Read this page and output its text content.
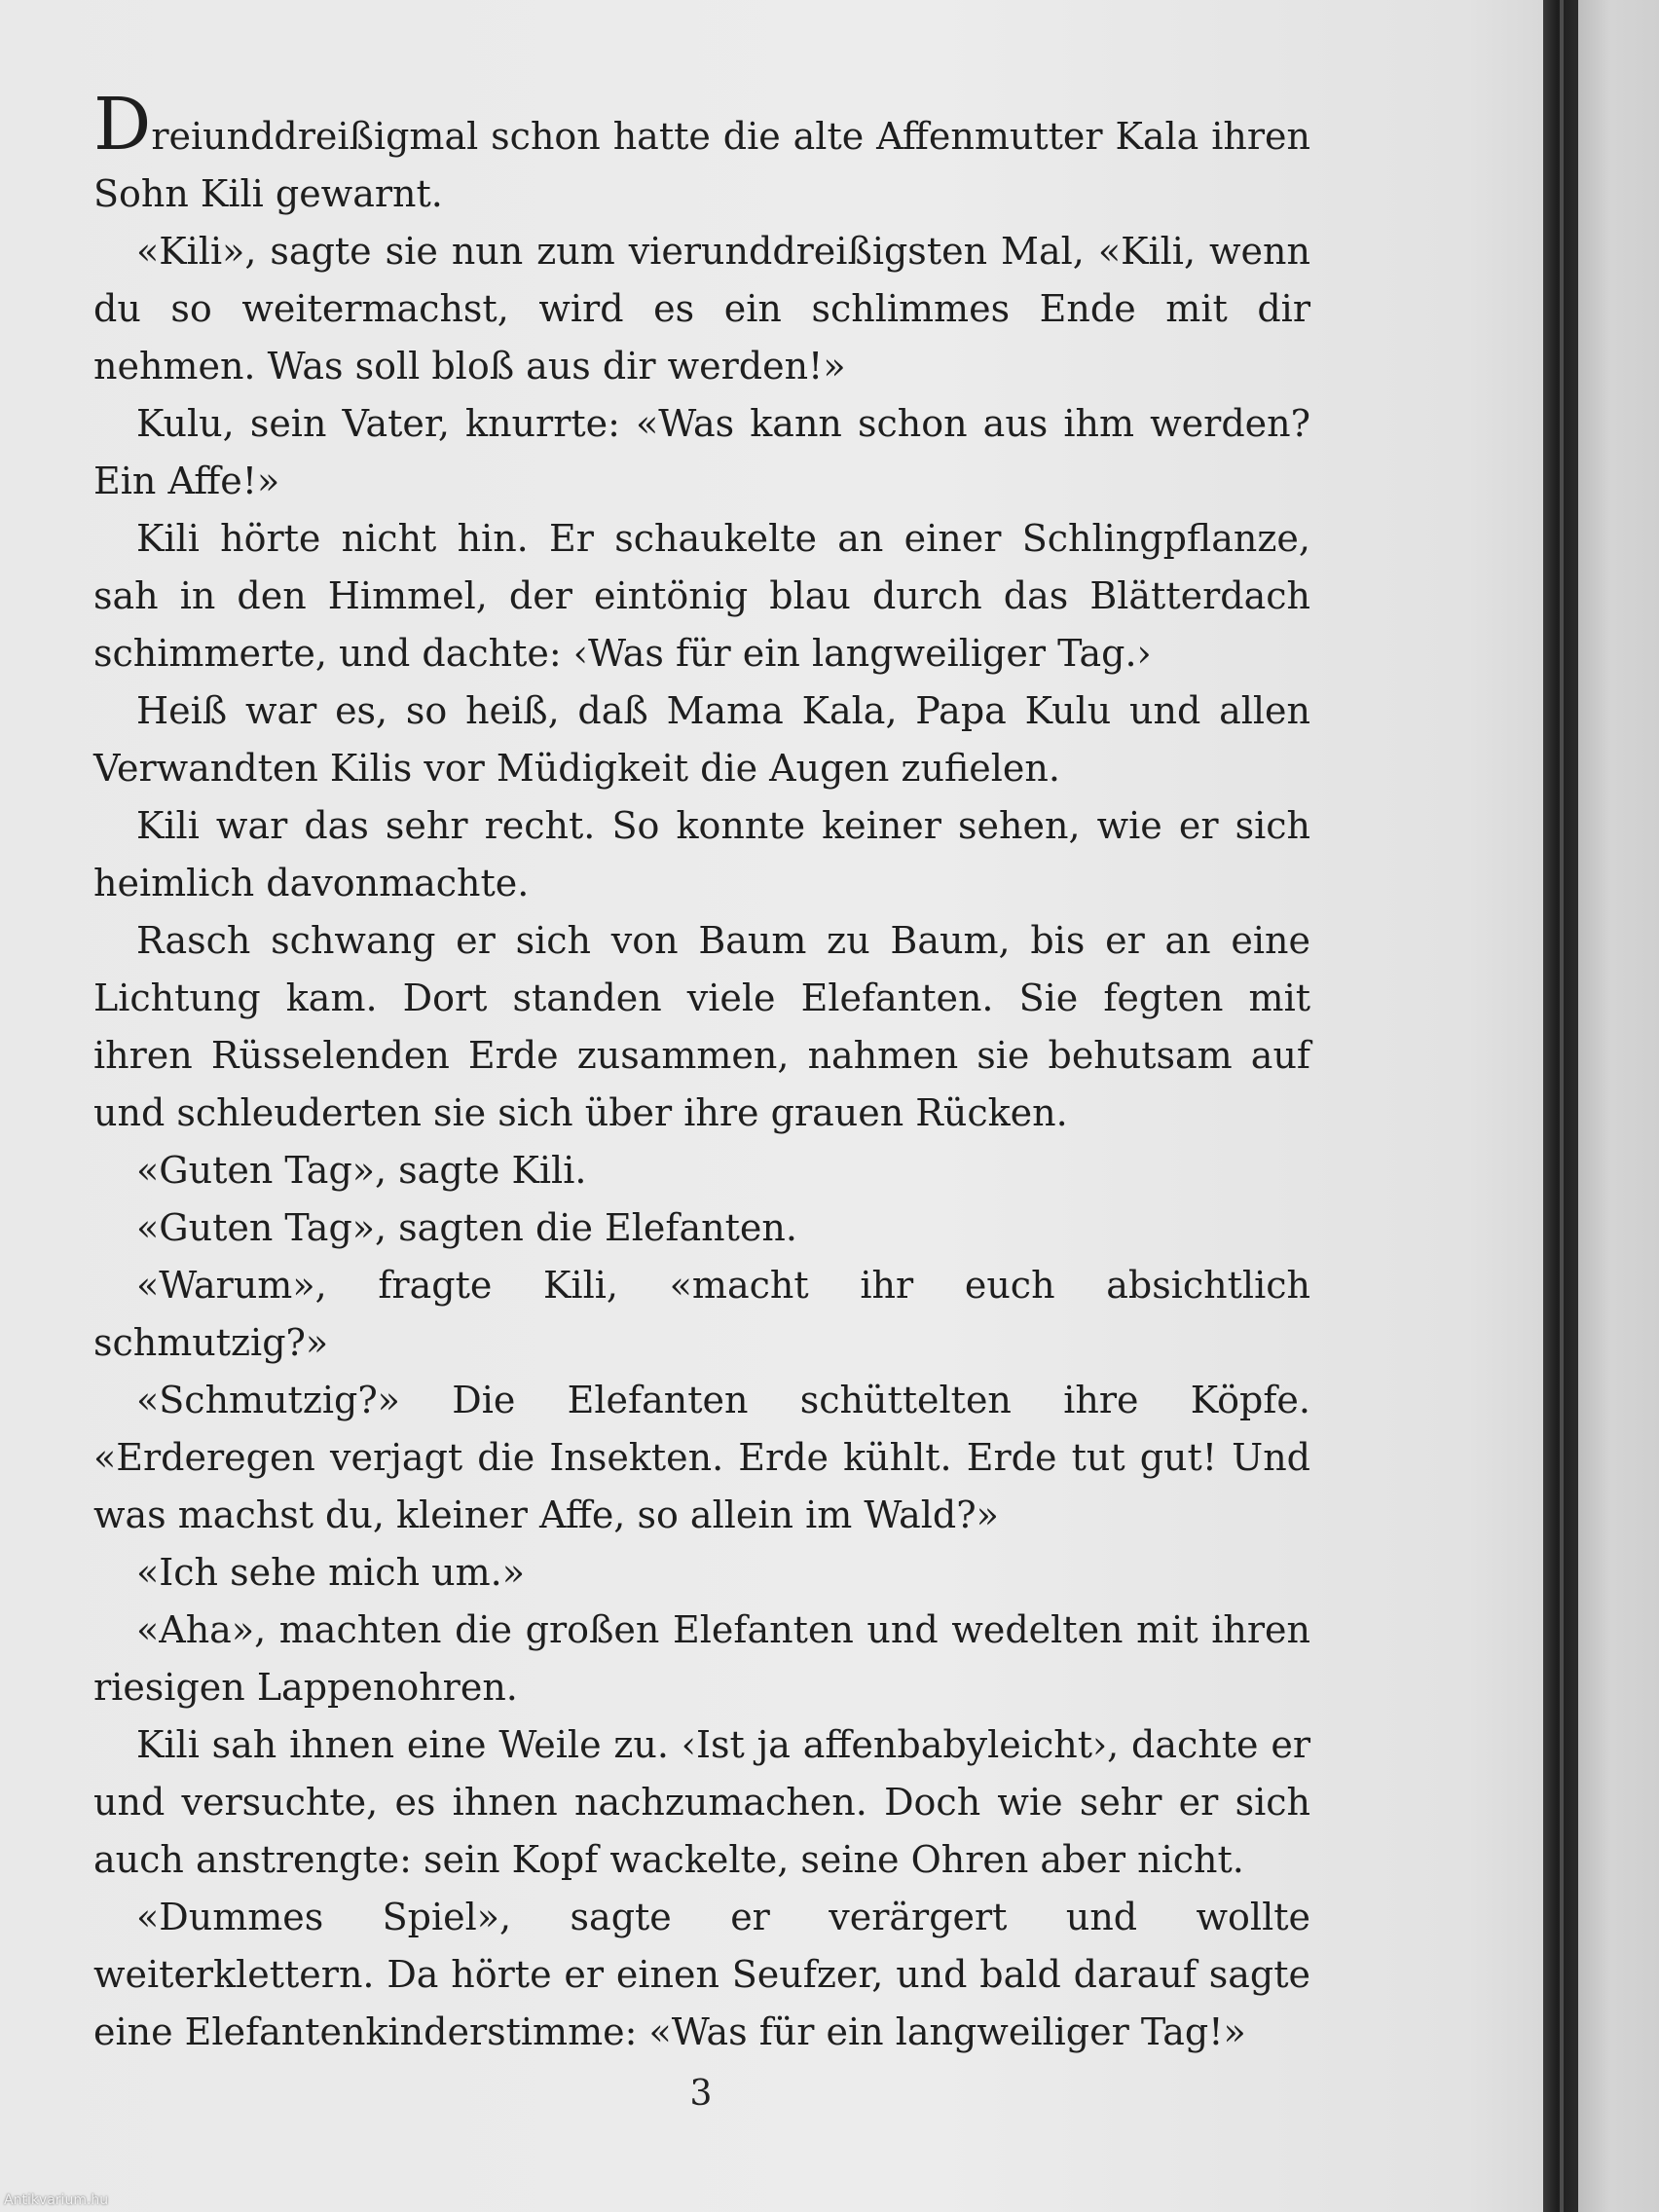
Dreiunddreißigmal schon hatte die alte Affenmutter Kala ihren Sohn Kili gewarnt.

«Kili», sagte sie nun zum vierunddreißigsten Mal, «Kili, wenn du so weitermachst, wird es ein schlimmes Ende mit dir nehmen. Was soll bloß aus dir werden!»

Kulu, sein Vater, knurrte: «Was kann schon aus ihm werden? Ein Affe!»

Kili hörte nicht hin. Er schaukelte an einer Schlingpflanze, sah in den Himmel, der eintönig blau durch das Blätterdach schimmerte, und dachte: ‹Was für ein langweiliger Tag.›

Heiß war es, so heiß, daß Mama Kala, Papa Kulu und allen Verwandten Kilis vor Müdigkeit die Augen zufielen.

Kili war das sehr recht. So konnte keiner sehen, wie er sich heimlich davonmachte.

Rasch schwang er sich von Baum zu Baum, bis er an eine Lichtung kam. Dort standen viele Elefanten. Sie fegten mit ihren Rüsselenden Erde zusammen, nahmen sie behutsam auf und schleuderten sie sich über ihre grauen Rücken.

«Guten Tag», sagte Kili.

«Guten Tag», sagten die Elefanten.

«Warum», fragte Kili, «macht ihr euch absichtlich schmutzig?»

«Schmutzig?» Die Elefanten schüttelten ihre Köpfe. «Erderegen verjagt die Insekten. Erde kühlt. Erde tut gut! Und was machst du, kleiner Affe, so allein im Wald?»

«Ich sehe mich um.»

«Aha», machten die großen Elefanten und wedelten mit ihren riesigen Lappenohren.

Kili sah ihnen eine Weile zu. ‹Ist ja affenbabyleicht›, dachte er und versuchte, es ihnen nachzumachen. Doch wie sehr er sich auch anstrengte: sein Kopf wackelte, seine Ohren aber nicht.

«Dummes Spiel», sagte er verärgert und wollte weiterklettern. Da hörte er einen Seufzer, und bald darauf sagte eine Elefantenkinderstimme: «Was für ein langweiliger Tag!»

3
Antikvarium.hu
